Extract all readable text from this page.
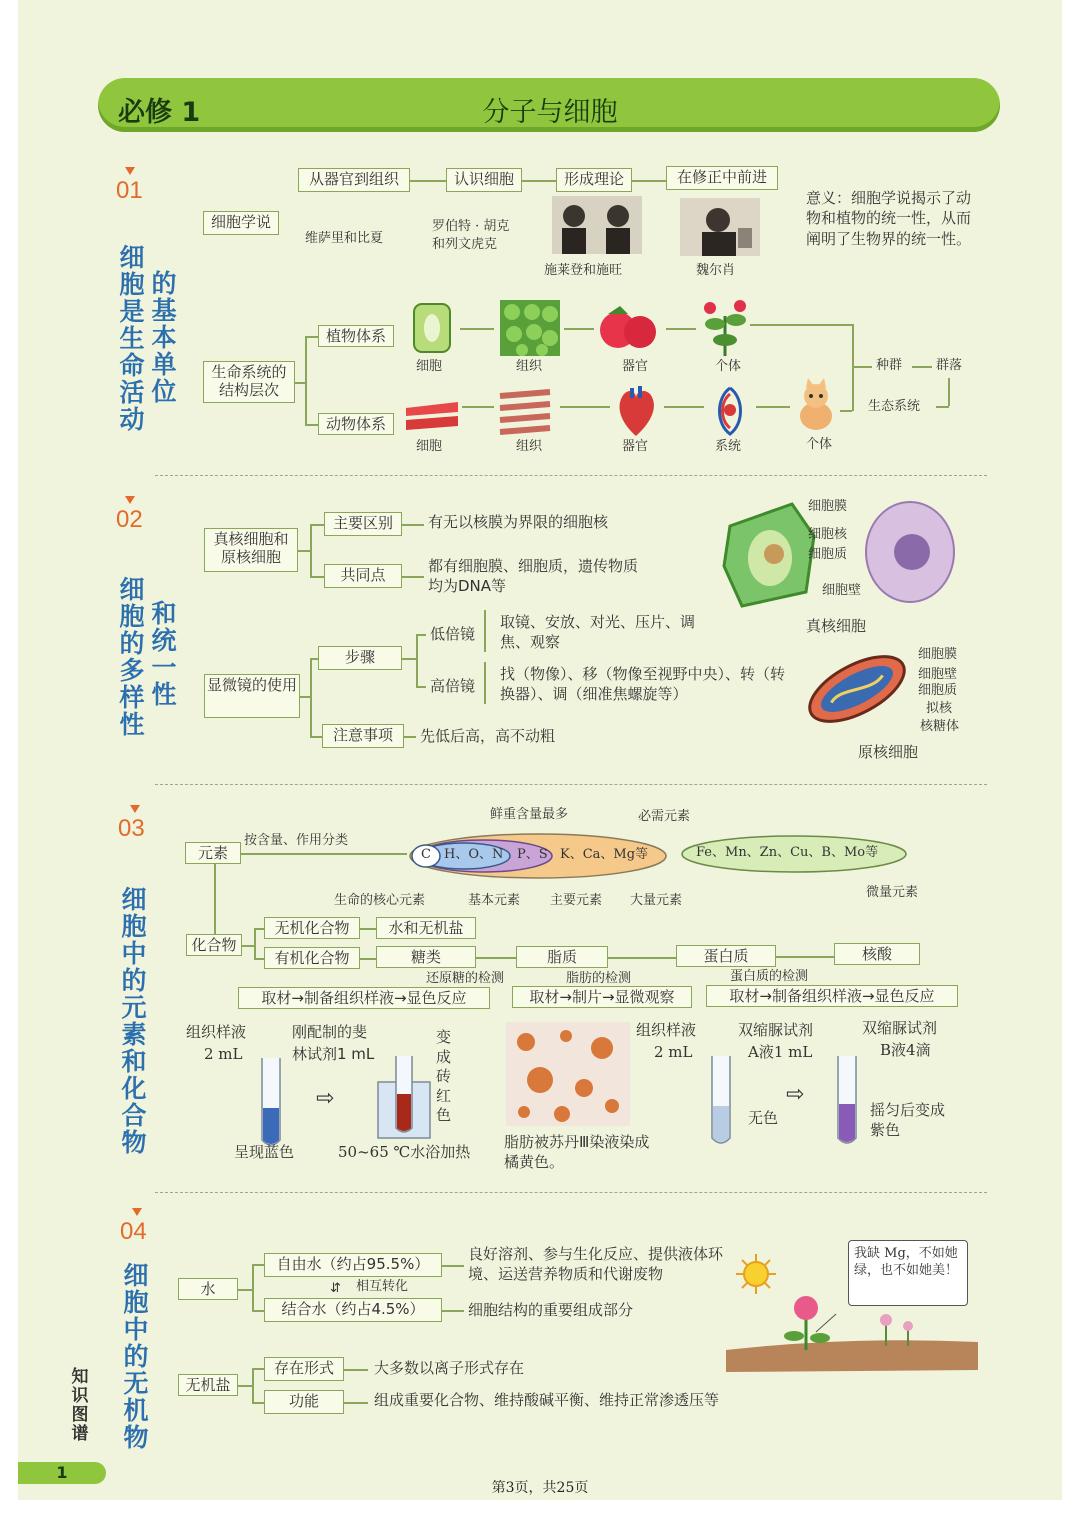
必修 1	分子与细胞
01
细
胞
是
生
命
活
动
的
基
本
单
位
细胞学说
从器官到组织	认识细胞	形成理论	在修正中前进
维萨里和比夏
罗伯特 · 胡克
和列文虎克
施莱登和施旺	魏尔肖
意义：细胞学说揭示了动物和植物的统一性，从而阐明了生物界的统一性。
生命系统的结构层次
植物体系
动物体系
细胞	组织	器官	个体
细胞	组织	器官	系统	个体
种群	群落
生态系统
02
细
胞
的
多
样
性
和
统
一
性
真核细胞和原核细胞
主要区别
共同点
有无以核膜为界限的细胞核
都有细胞膜、细胞质，遗传物质均为DNA等
显微镜的使用
步骤
注意事项
低倍镜
高倍镜
取镜、安放、对光、压片、调焦、观察
找（物像）、移（物像至视野中央）、转（转换器）、调（细准焦螺旋等）
先低后高，高不动粗
细胞膜
细胞核
细胞质
细胞壁
真核细胞
细胞膜
细胞壁
细胞质
拟核
核糖体
原核细胞
03
细
胞
中
的
元
素
和
化
合
物
元素
按含量、作用分类
C H、O、N P、S K、Ca、Mg等	Fe、Mn、Zn、Cu、B、Mo等
鲜重含量最多	必需元素
生命的核心元素	基本元素 主要元素 大量元素
微量元素
化合物
无机化合物
有机化合物
水和无机盐
糖类	脂质	蛋白质	核酸
还原糖的检测	脂肪的检测	蛋白质的检测
取材→制备组织样液→显色反应	取材→制片→显微观察	取材→制备组织样液→显色反应
组织样液
2 mL
刚配制的斐
林试剂1 mL
⇨
变成砖红色
呈现蓝色	50~65 ℃水浴加热
脂肪被苏丹Ⅲ染液染成橘黄色。
组织样液
2 mL
双缩脲试剂
A液1 mL
无色
⇨
双缩脲试剂
B液4滴
摇匀后变成紫色
04
细
胞
中
的
无
机
物
水
自由水（约占95.5%）
结合水（约占4.5%）
⇵ 相互转化
良好溶剂、参与生化反应、提供液体环境、运送营养物质和代谢废物
细胞结构的重要组成部分
无机盐
存在形式
功能
大多数以离子形式存在
组成重要化合物、维持酸碱平衡、维持正常渗透压等
我缺 Mg，不如她绿，也不如她美！
知识图谱
1
第3页，共25页
